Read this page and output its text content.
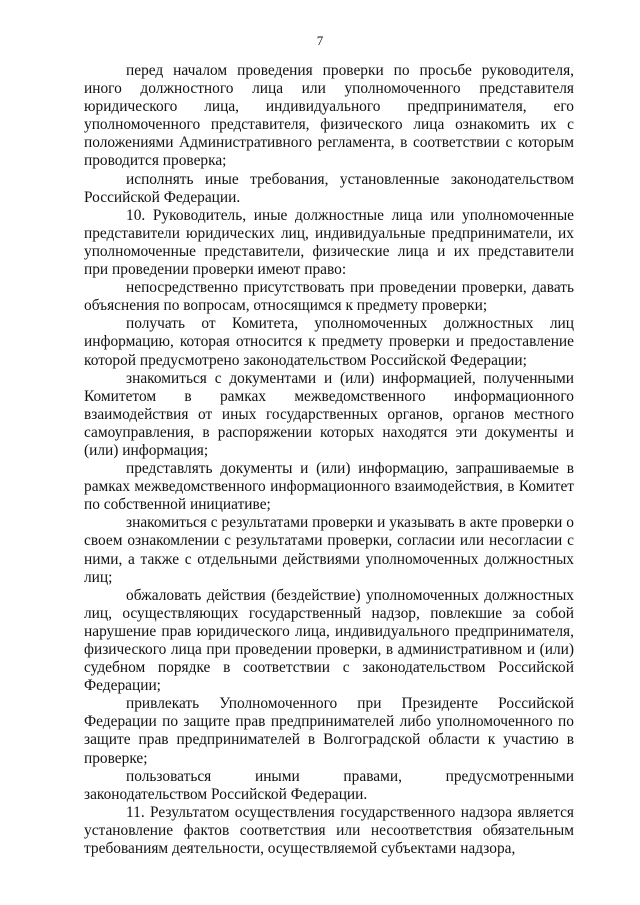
7

перед началом проведения проверки по просьбе руководителя, иного должностного лица или уполномоченного представителя юридического лица, индивидуального предпринимателя, его уполномоченного представителя, физического лица ознакомить их с положениями Административного регламента, в соответствии с которым проводится проверка;

исполнять иные требования, установленные законодательством Российской Федерации.

10. Руководитель, иные должностные лица или уполномоченные представители юридических лиц, индивидуальные предприниматели, их уполномоченные представители, физические лица и их представители при проведении проверки имеют право:

непосредственно присутствовать при проведении проверки, давать объяснения по вопросам, относящимся к предмету проверки;

получать от Комитета, уполномоченных должностных лиц информацию, которая относится к предмету проверки и предоставление которой предусмотрено законодательством Российской Федерации;

знакомиться с документами и (или) информацией, полученными Комитетом в рамках межведомственного информационного взаимодействия от иных государственных органов, органов местного самоуправления, в распоряжении которых находятся эти документы и (или) информация;

представлять документы и (или) информацию, запрашиваемые в рамках межведомственного информационного взаимодействия, в Комитет по собственной инициативе;

знакомиться с результатами проверки и указывать в акте проверки о своем ознакомлении с результатами проверки, согласии или несогласии с ними, а также с отдельными действиями уполномоченных должностных лиц;

обжаловать действия (бездействие) уполномоченных должностных лиц, осуществляющих государственный надзор, повлекшие за собой нарушение прав юридического лица, индивидуального предпринимателя, физического лица при проведении проверки, в административном и (или) судебном порядке в соответствии с законодательством Российской Федерации;

привлекать Уполномоченного при Президенте Российской Федерации по защите прав предпринимателей либо уполномоченного по защите прав предпринимателей в Волгоградской области к участию в проверке;

пользоваться иными правами, предусмотренными законодательством Российской Федерации.

11. Результатом осуществления государственного надзора является установление фактов соответствия или несоответствия обязательным требованиям деятельности, осуществляемой субъектами надзора,
